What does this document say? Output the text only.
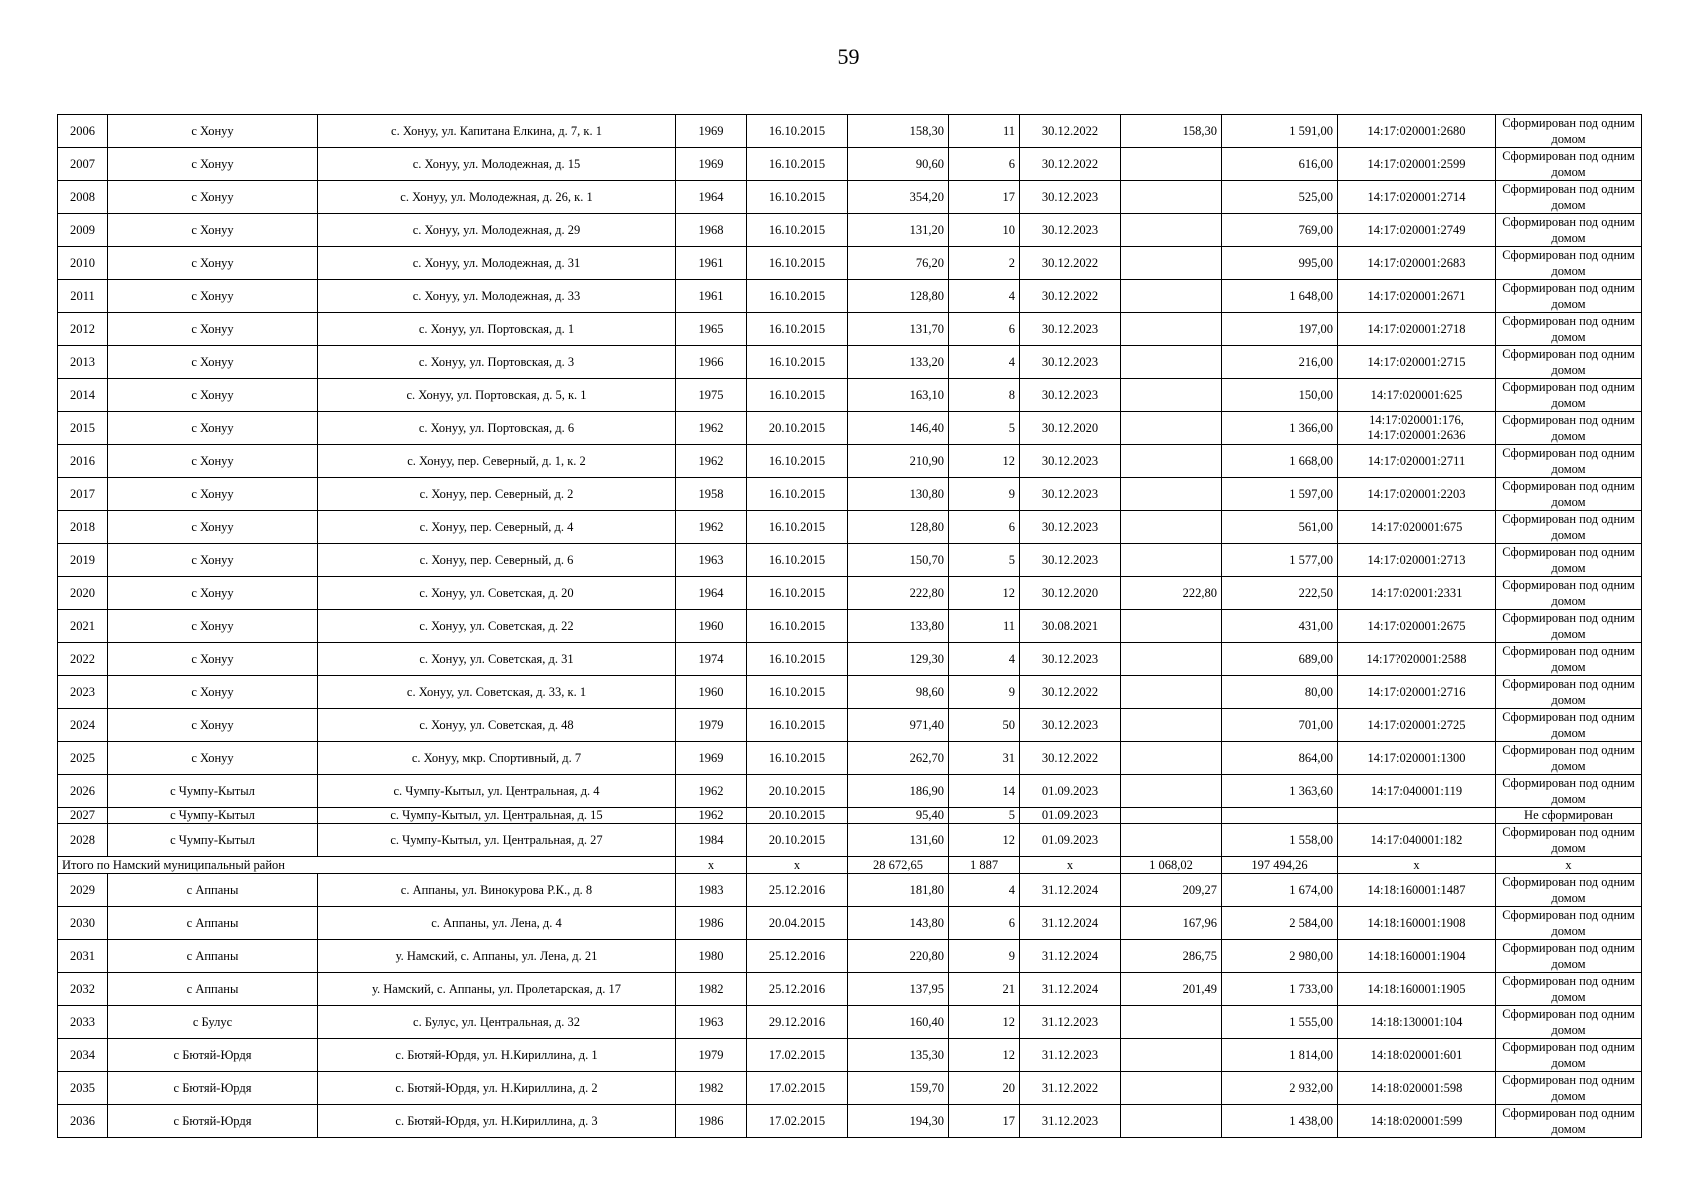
59
2006	с Хонуу	с. Хонуу, ул. Капитана Елкина, д. 7, к. 1	1969	16.10.2015	158,30	11	30.12.2022	158,30	1 591,00	14:17:020001:2680	Сформирован под одним домом
2007	с Хонуу	с. Хонуу, ул. Молодежная, д. 15	1969	16.10.2015	90,60	6	30.12.2022		616,00	14:17:020001:2599	Сформирован под одним домом
2008	с Хонуу	с. Хонуу, ул. Молодежная, д. 26, к. 1	1964	16.10.2015	354,20	17	30.12.2023		525,00	14:17:020001:2714	Сформирован под одним домом
2009	с Хонуу	с. Хонуу, ул. Молодежная, д. 29	1968	16.10.2015	131,20	10	30.12.2023		769,00	14:17:020001:2749	Сформирован под одним домом
2010	с Хонуу	с. Хонуу, ул. Молодежная, д. 31	1961	16.10.2015	76,20	2	30.12.2022		995,00	14:17:020001:2683	Сформирован под одним домом
2011	с Хонуу	с. Хонуу, ул. Молодежная, д. 33	1961	16.10.2015	128,80	4	30.12.2022		1 648,00	14:17:020001:2671	Сформирован под одним домом
2012	с Хонуу	с. Хонуу, ул. Портовская, д. 1	1965	16.10.2015	131,70	6	30.12.2023		197,00	14:17:020001:2718	Сформирован под одним домом
2013	с Хонуу	с. Хонуу, ул. Портовская, д. 3	1966	16.10.2015	133,20	4	30.12.2023		216,00	14:17:020001:2715	Сформирован под одним домом
2014	с Хонуу	с. Хонуу, ул. Портовская, д. 5, к. 1	1975	16.10.2015	163,10	8	30.12.2023		150,00	14:17:020001:625	Сформирован под одним домом
2015	с Хонуу	с. Хонуу, ул. Портовская, д. 6	1962	20.10.2015	146,40	5	30.12.2020		1 366,00	14:17:020001:176, 14:17:020001:2636	Сформирован под одним домом
2016	с Хонуу	с. Хонуу, пер. Северный, д. 1, к. 2	1962	16.10.2015	210,90	12	30.12.2023		1 668,00	14:17:020001:2711	Сформирован под одним домом
2017	с Хонуу	с. Хонуу, пер. Северный, д. 2	1958	16.10.2015	130,80	9	30.12.2023		1 597,00	14:17:020001:2203	Сформирован под одним домом
2018	с Хонуу	с. Хонуу, пер. Северный, д. 4	1962	16.10.2015	128,80	6	30.12.2023		561,00	14:17:020001:675	Сформирован под одним домом
2019	с Хонуу	с. Хонуу, пер. Северный, д. 6	1963	16.10.2015	150,70	5	30.12.2023		1 577,00	14:17:020001:2713	Сформирован под одним домом
2020	с Хонуу	с. Хонуу, ул. Советская, д. 20	1964	16.10.2015	222,80	12	30.12.2020	222,80	222,50	14:17:02001:2331	Сформирован под одним домом
2021	с Хонуу	с. Хонуу, ул. Советская, д. 22	1960	16.10.2015	133,80	11	30.08.2021		431,00	14:17:020001:2675	Сформирован под одним домом
2022	с Хонуу	с. Хонуу, ул. Советская, д. 31	1974	16.10.2015	129,30	4	30.12.2023		689,00	14:17?020001:2588	Сформирован под одним домом
2023	с Хонуу	с. Хонуу, ул. Советская, д. 33, к. 1	1960	16.10.2015	98,60	9	30.12.2022		80,00	14:17:020001:2716	Сформирован под одним домом
2024	с Хонуу	с. Хонуу, ул. Советская, д. 48	1979	16.10.2015	971,40	50	30.12.2023		701,00	14:17:020001:2725	Сформирован под одним домом
2025	с Хонуу	с. Хонуу, мкр. Спортивный, д. 7	1969	16.10.2015	262,70	31	30.12.2022		864,00	14:17:020001:1300	Сформирован под одним домом
2026	с Чумпу-Кытыл	с. Чумпу-Кытыл, ул. Центральная, д. 4	1962	20.10.2015	186,90	14	01.09.2023		1 363,60	14:17:040001:119	Сформирован под одним домом
2027	с Чумпу-Кытыл	с. Чумпу-Кытыл, ул. Центральная, д. 15	1962	20.10.2015	95,40	5	01.09.2023				Не сформирован
2028	с Чумпу-Кытыл	с. Чумпу-Кытыл, ул. Центральная, д. 27	1984	20.10.2015	131,60	12	01.09.2023		1 558,00	14:17:040001:182	Сформирован под одним домом
Итого по Намский муниципальный район			x	x	28 672,65	1 887	x	1 068,02	197 494,26	x	x
2029	с Аппаны	с. Аппаны, ул. Винокурова Р.К., д. 8	1983	25.12.2016	181,80	4	31.12.2024	209,27	1 674,00	14:18:160001:1487	Сформирован под одним домом
2030	с Аппаны	с. Аппаны, ул. Лена, д. 4	1986	20.04.2015	143,80	6	31.12.2024	167,96	2 584,00	14:18:160001:1908	Сформирован под одним домом
2031	с Аппаны	у. Намский, с. Аппаны, ул. Лена, д. 21	1980	25.12.2016	220,80	9	31.12.2024	286,75	2 980,00	14:18:160001:1904	Сформирован под одним домом
2032	с Аппаны	у. Намский, с. Аппаны, ул. Пролетарская, д. 17	1982	25.12.2016	137,95	21	31.12.2024	201,49	1 733,00	14:18:160001:1905	Сформирован под одним домом
2033	с Булус	с. Булус, ул. Центральная, д. 32	1963	29.12.2016	160,40	12	31.12.2023		1 555,00	14:18:130001:104	Сформирован под одним домом
2034	с Бютяй-Юрдя	с. Бютяй-Юрдя, ул. Н.Кириллина, д. 1	1979	17.02.2015	135,30	12	31.12.2023		1 814,00	14:18:020001:601	Сформирован под одним домом
2035	с Бютяй-Юрдя	с. Бютяй-Юрдя, ул. Н.Кириллина, д. 2	1982	17.02.2015	159,70	20	31.12.2022		2 932,00	14:18:020001:598	Сформирован под одним домом
2036	с Бютяй-Юрдя	с. Бютяй-Юрдя, ул. Н.Кириллина, д. 3	1986	17.02.2015	194,30	17	31.12.2023		1 438,00	14:18:020001:599	Сформирован под одним домом
